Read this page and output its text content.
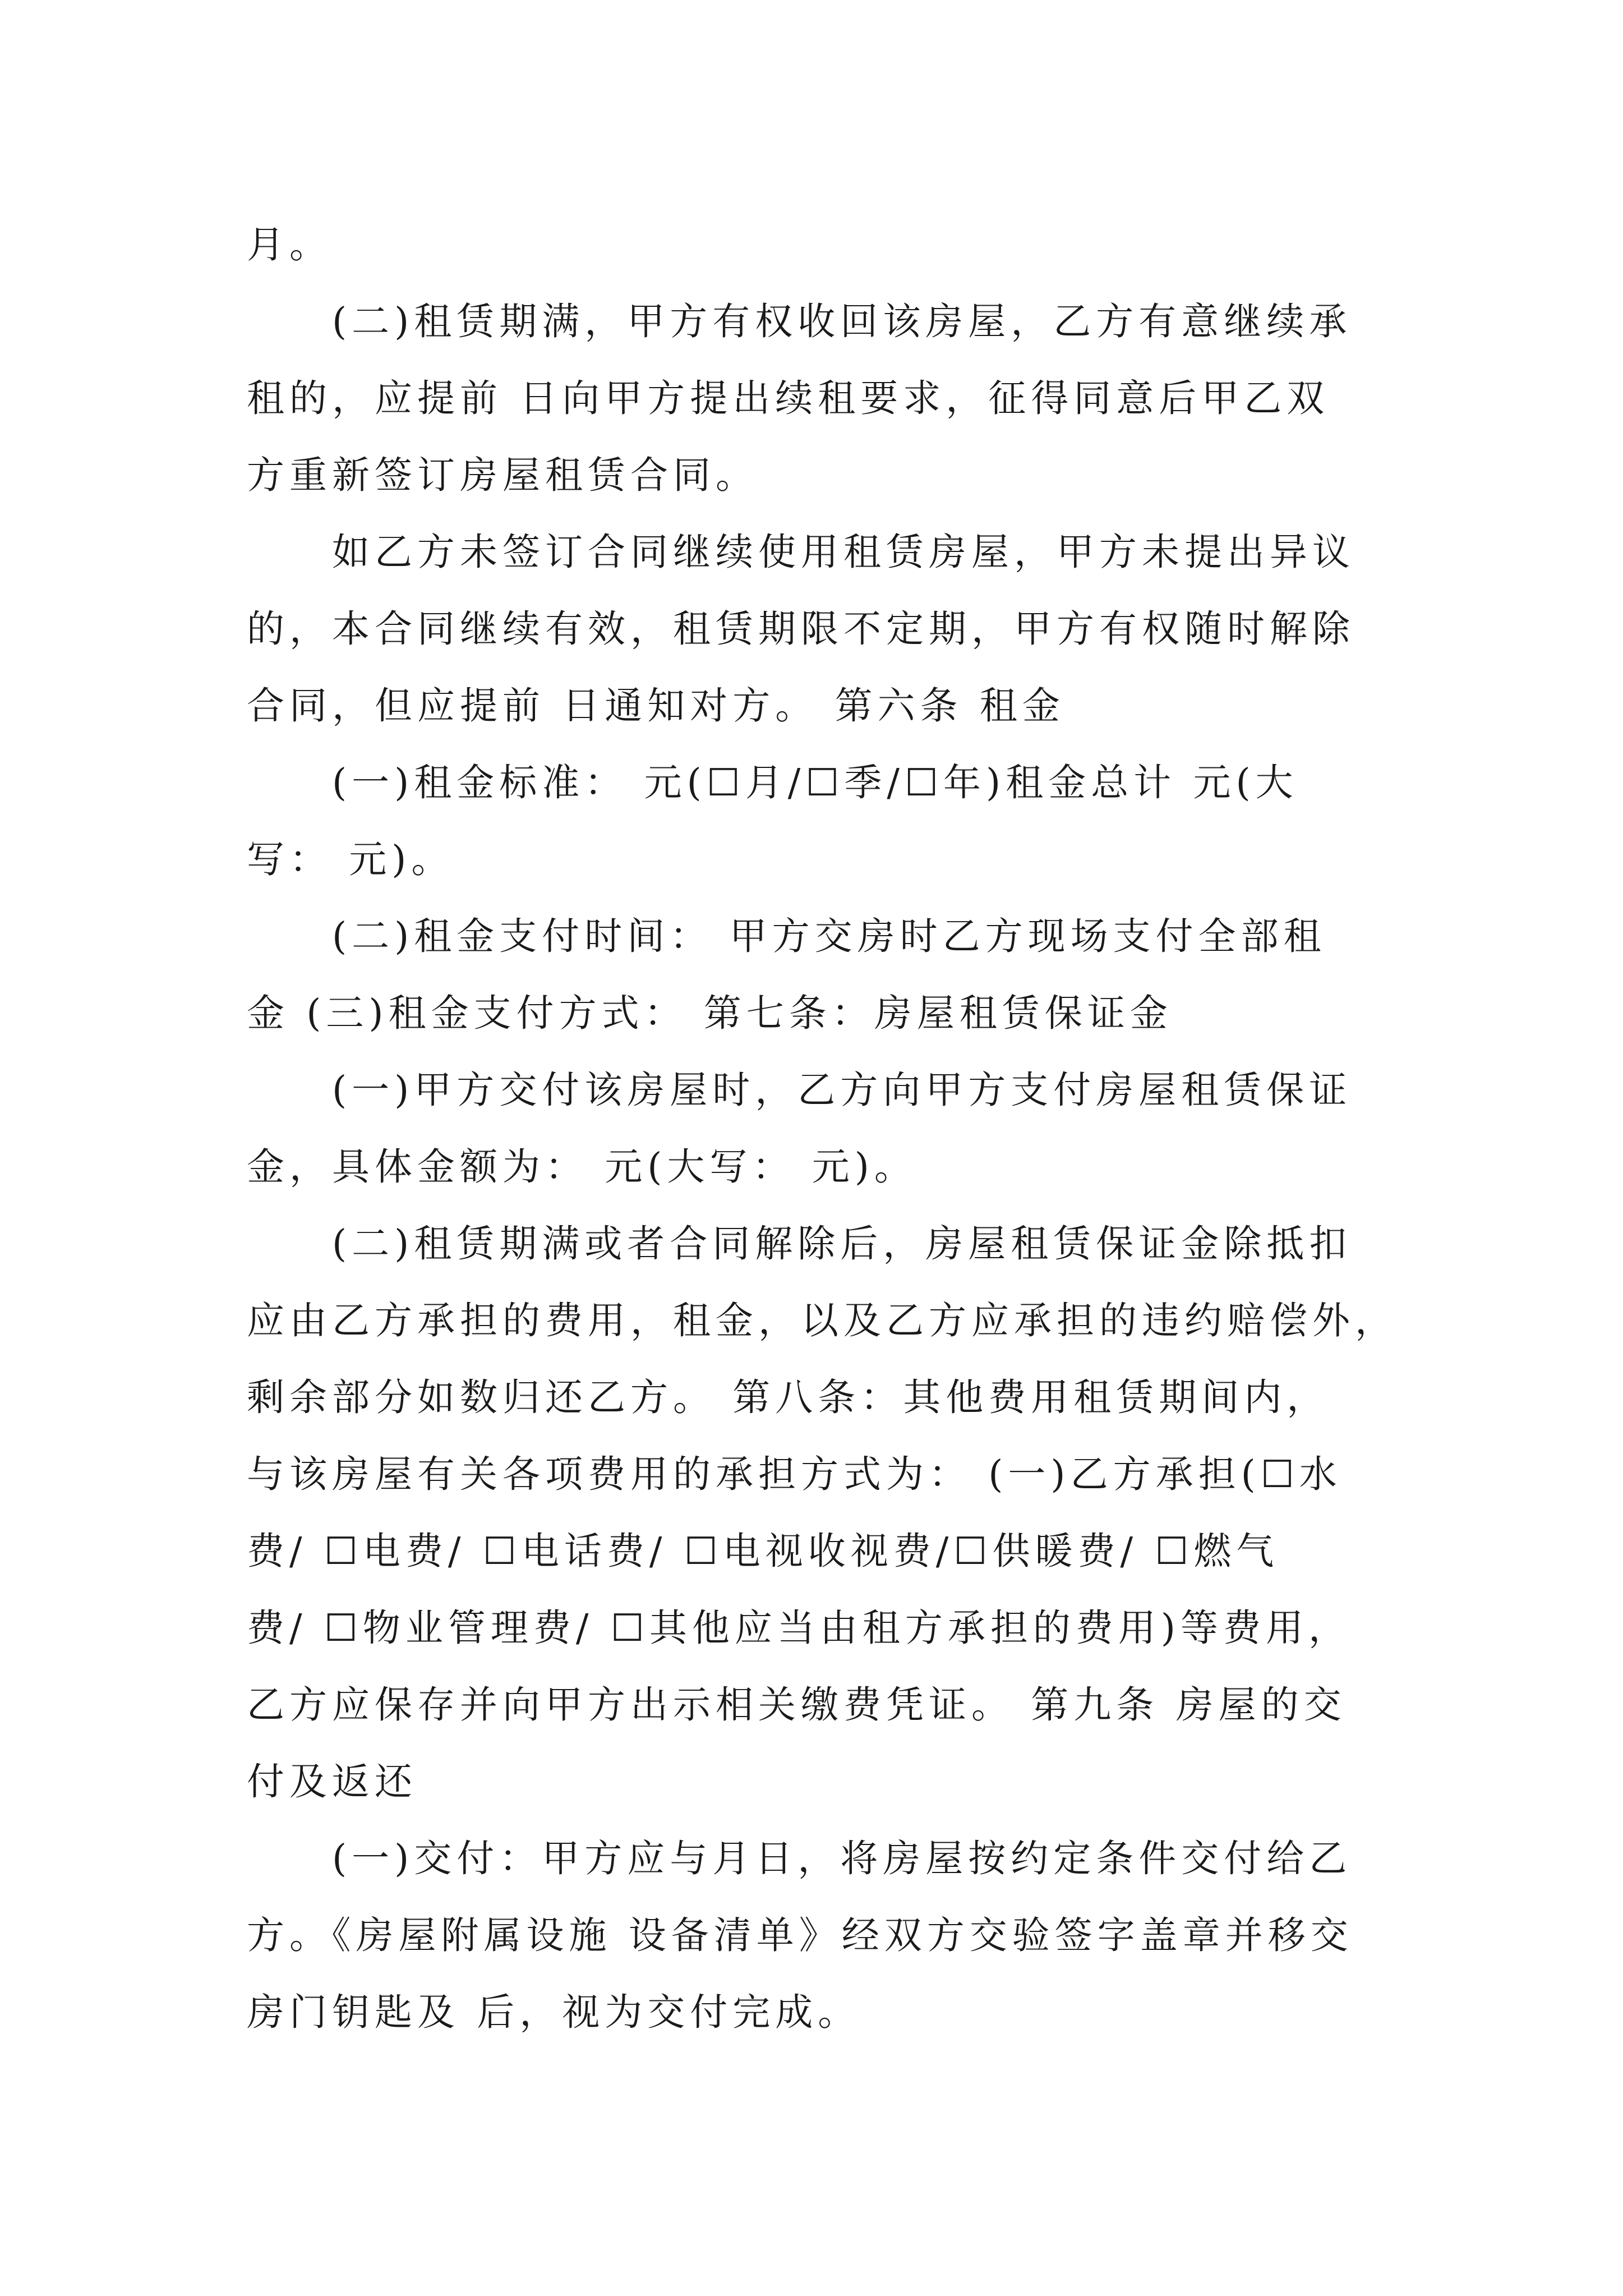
月。
(二)租赁期满，甲方有权收回该房屋，乙方有意继续承
租的，应提前 日向甲方提出续租要求，征得同意后甲乙双
方重新签订房屋租赁合同。
如乙方未签订合同继续使用租赁房屋，甲方未提出异议
的，本合同继续有效，租赁期限不定期，甲方有权随时解除
合同，但应提前 日通知对方。 第六条 租金
(一)租金标准： 元(☐月/☐季/☐年)租金总计 元(大
写： 元)。
(二)租金支付时间： 甲方交房时乙方现场支付全部租
金 (三)租金支付方式： 第七条：房屋租赁保证金
(一)甲方交付该房屋时，乙方向甲方支付房屋租赁保证
金，具体金额为： 元(大写： 元)。
(二)租赁期满或者合同解除后，房屋租赁保证金除抵扣
应由乙方承担的费用，租金，以及乙方应承担的违约赔偿外，
剩余部分如数归还乙方。 第八条：其他费用租赁期间内，
与该房屋有关各项费用的承担方式为： (一)乙方承担(☐水
费/ ☐电费/ ☐电话费/ ☐电视收视费/☐供暖费/ ☐燃气
费/ ☐物业管理费/ ☐其他应当由租方承担的费用)等费用，
乙方应保存并向甲方出示相关缴费凭证。 第九条 房屋的交
付及返还
(一)交付：甲方应与月日，将房屋按约定条件交付给乙
方。《房屋附属设施 设备清单》经双方交验签字盖章并移交
房门钥匙及 后，视为交付完成。
